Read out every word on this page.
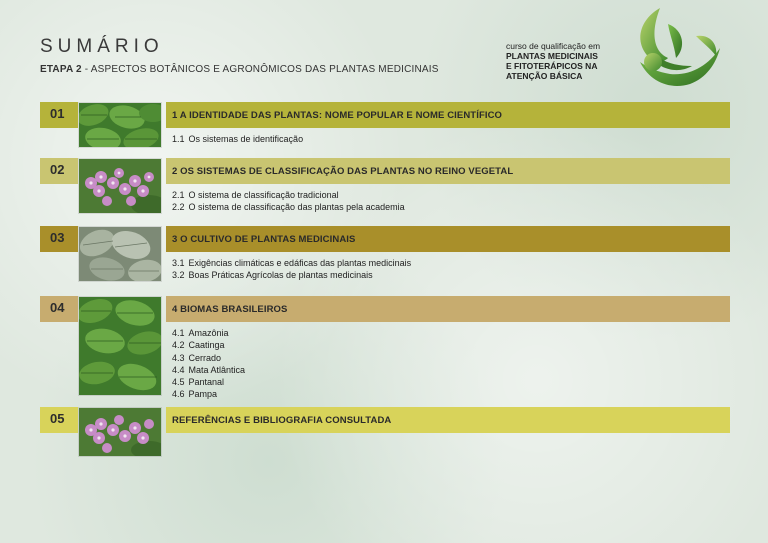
SUMÁRIO
ETAPA 2 - ASPECTOS BOTÂNICOS E AGRONÔMICOS DAS PLANTAS MEDICINAIS
curso de qualificação em
PLANTAS MEDICINAIS
E FITOTERÁPICOS NA
ATENÇÃO BÁSICA
01	1 A IDENTIDADE DAS PLANTAS: NOME POPULAR E NOME CIENTÍFICO
1.1 Os sistemas de identificação
02	2 OS SISTEMAS DE CLASSIFICAÇÃO DAS PLANTAS NO REINO VEGETAL
2.1 O sistema de classificação tradicional
2.2 O sistema de classificação das plantas pela academia
03	3 O CULTIVO DE PLANTAS MEDICINAIS
3.1 Exigências climáticas e edáficas das plantas medicinais
3.2 Boas Práticas Agrícolas de plantas medicinais
04	4 BIOMAS BRASILEIROS
4.1 Amazônia
4.2 Caatinga
4.3 Cerrado
4.4 Mata Atlântica
4.5 Pantanal
4.6 Pampa
05	REFERÊNCIAS E BIBLIOGRAFIA CONSULTADA
